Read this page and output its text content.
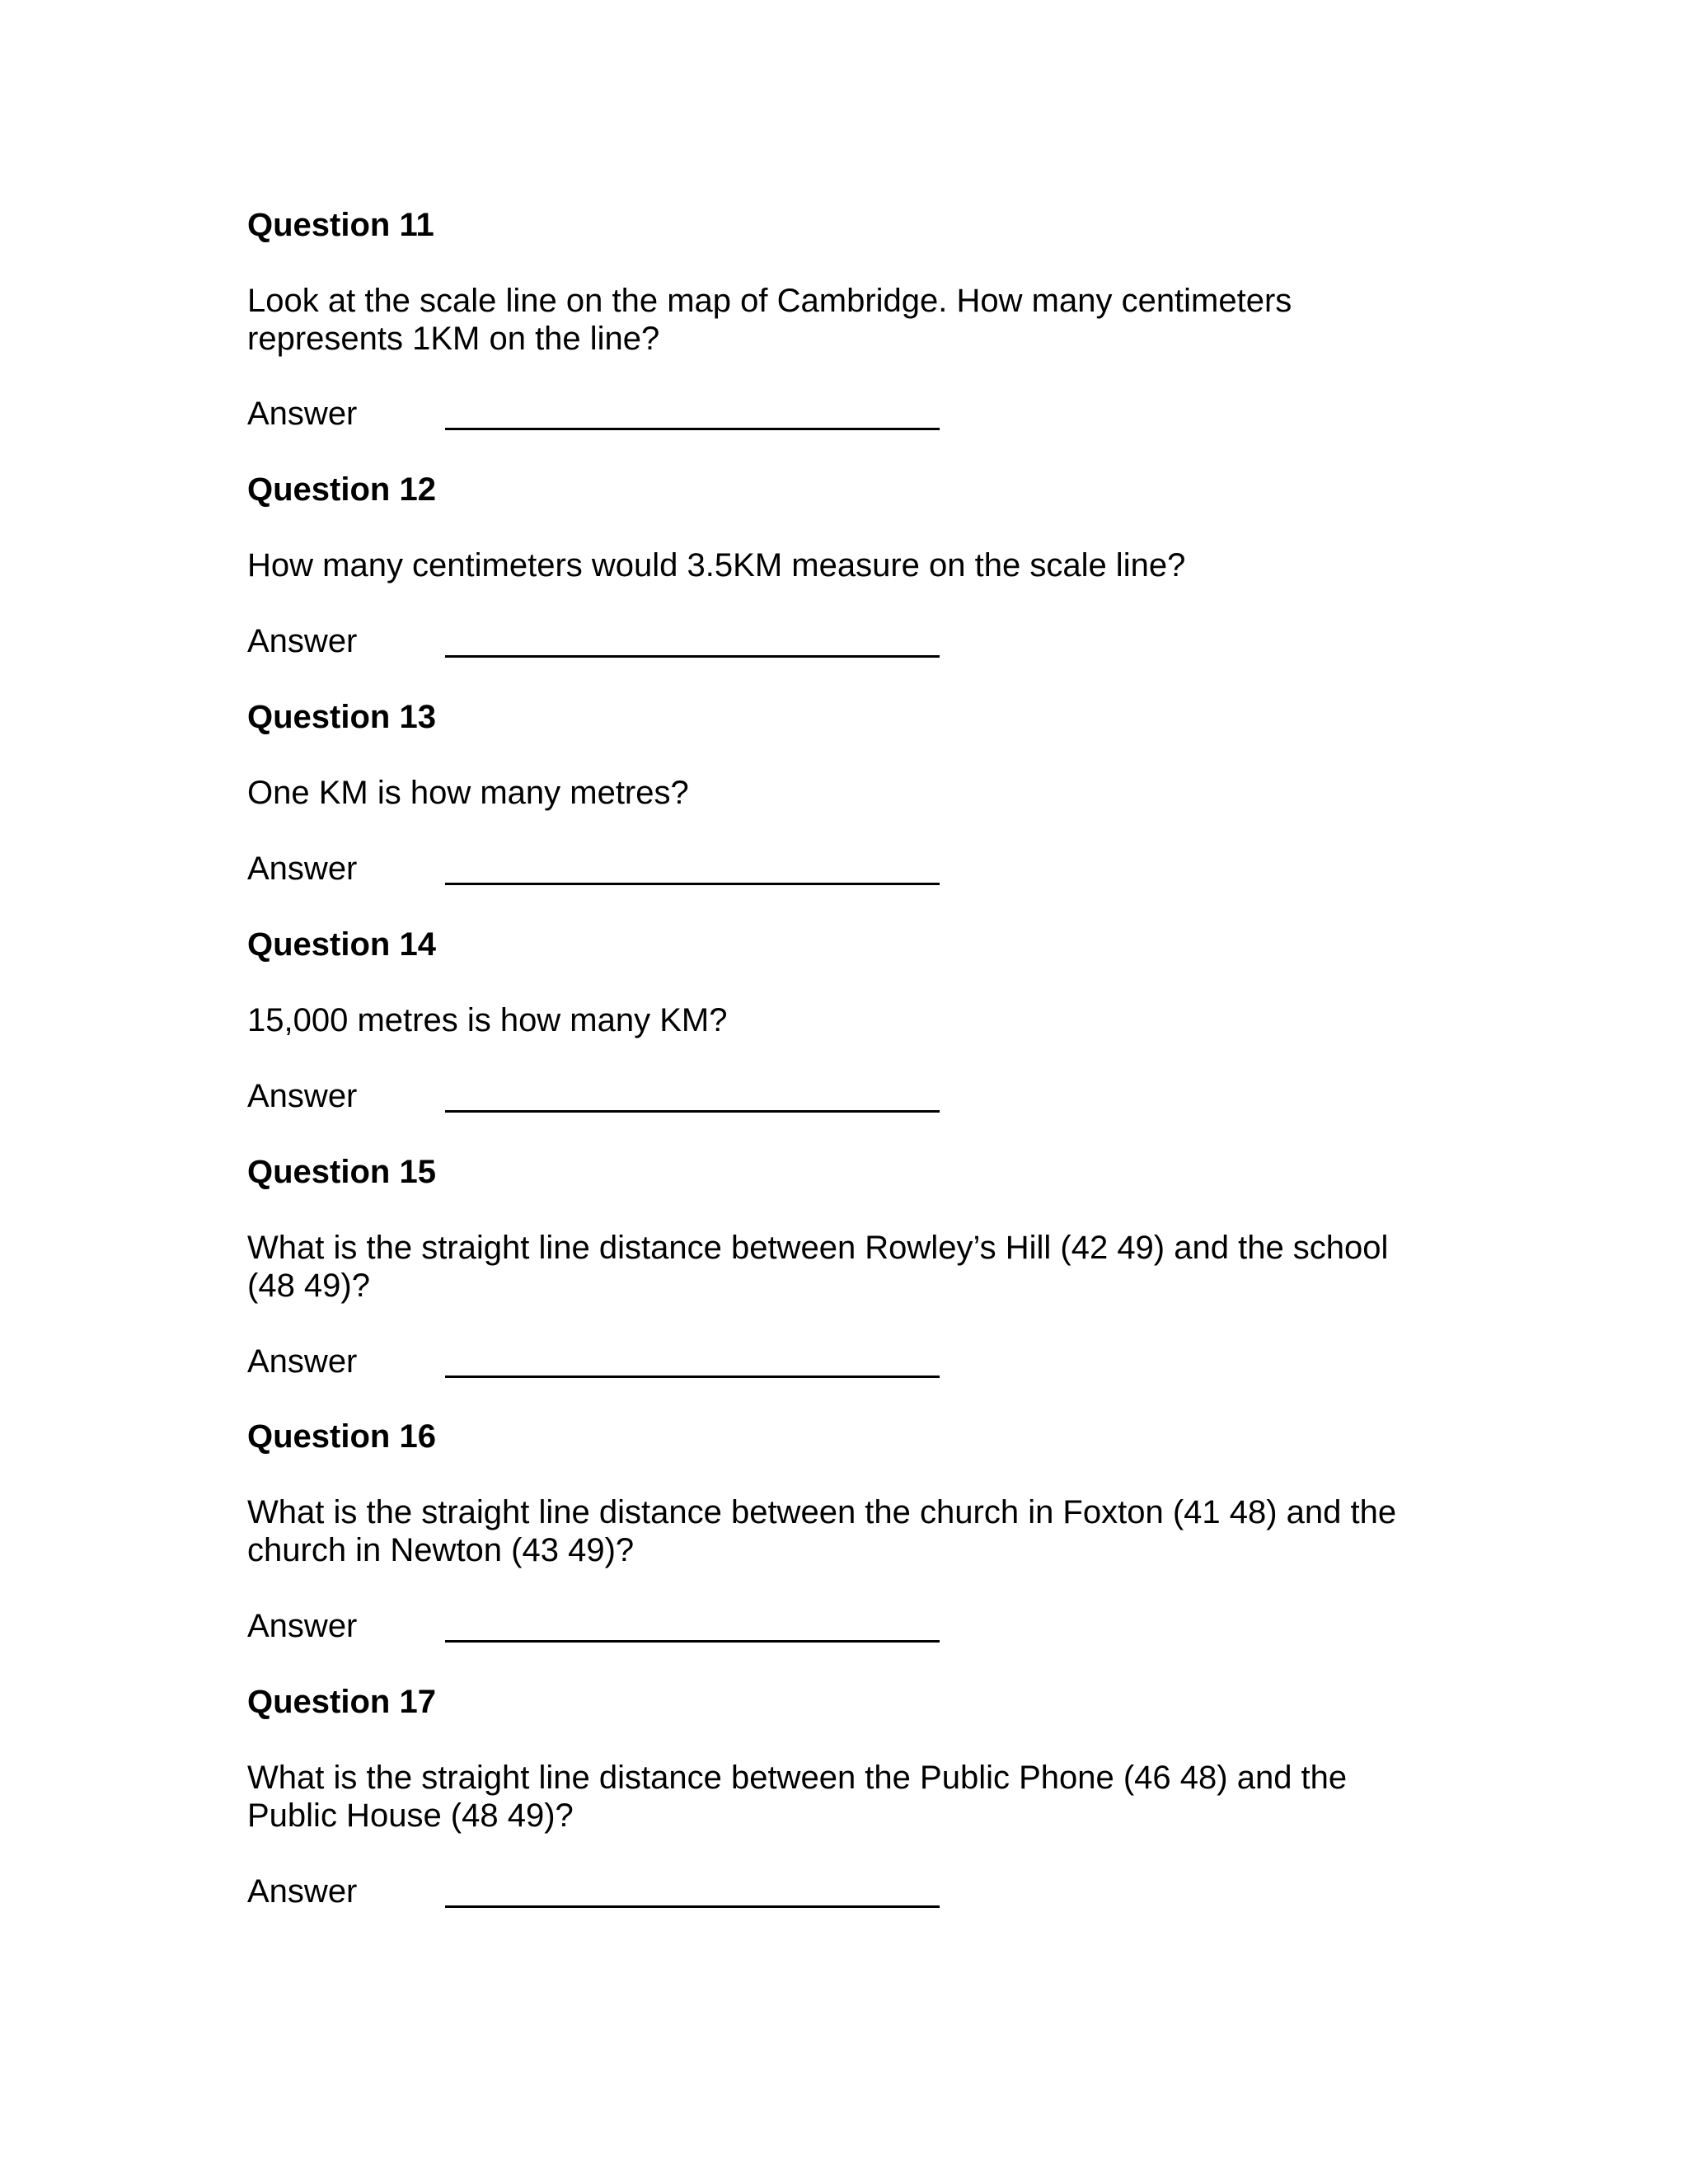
Question 11

Look at the scale line on the map of Cambridge. How many centimeters

represents 1KM on the line?

Answer

Question 12

How many centimeters would 3.5KM measure on the scale line?

Answer

Question 13

One KM is how many metres?

Answer

Question 14

15,000 metres is how many KM?

Answer

Question 15

What is the straight line distance between Rowley’s Hill (42 49) and the school

(48 49)?

Answer

Question 16

What is the straight line distance between the church in Foxton (41 48) and the

church in Newton (43 49)?

Answer

Question 17

What is the straight line distance between the Public Phone (46 48) and the

Public House (48 49)?

Answer
